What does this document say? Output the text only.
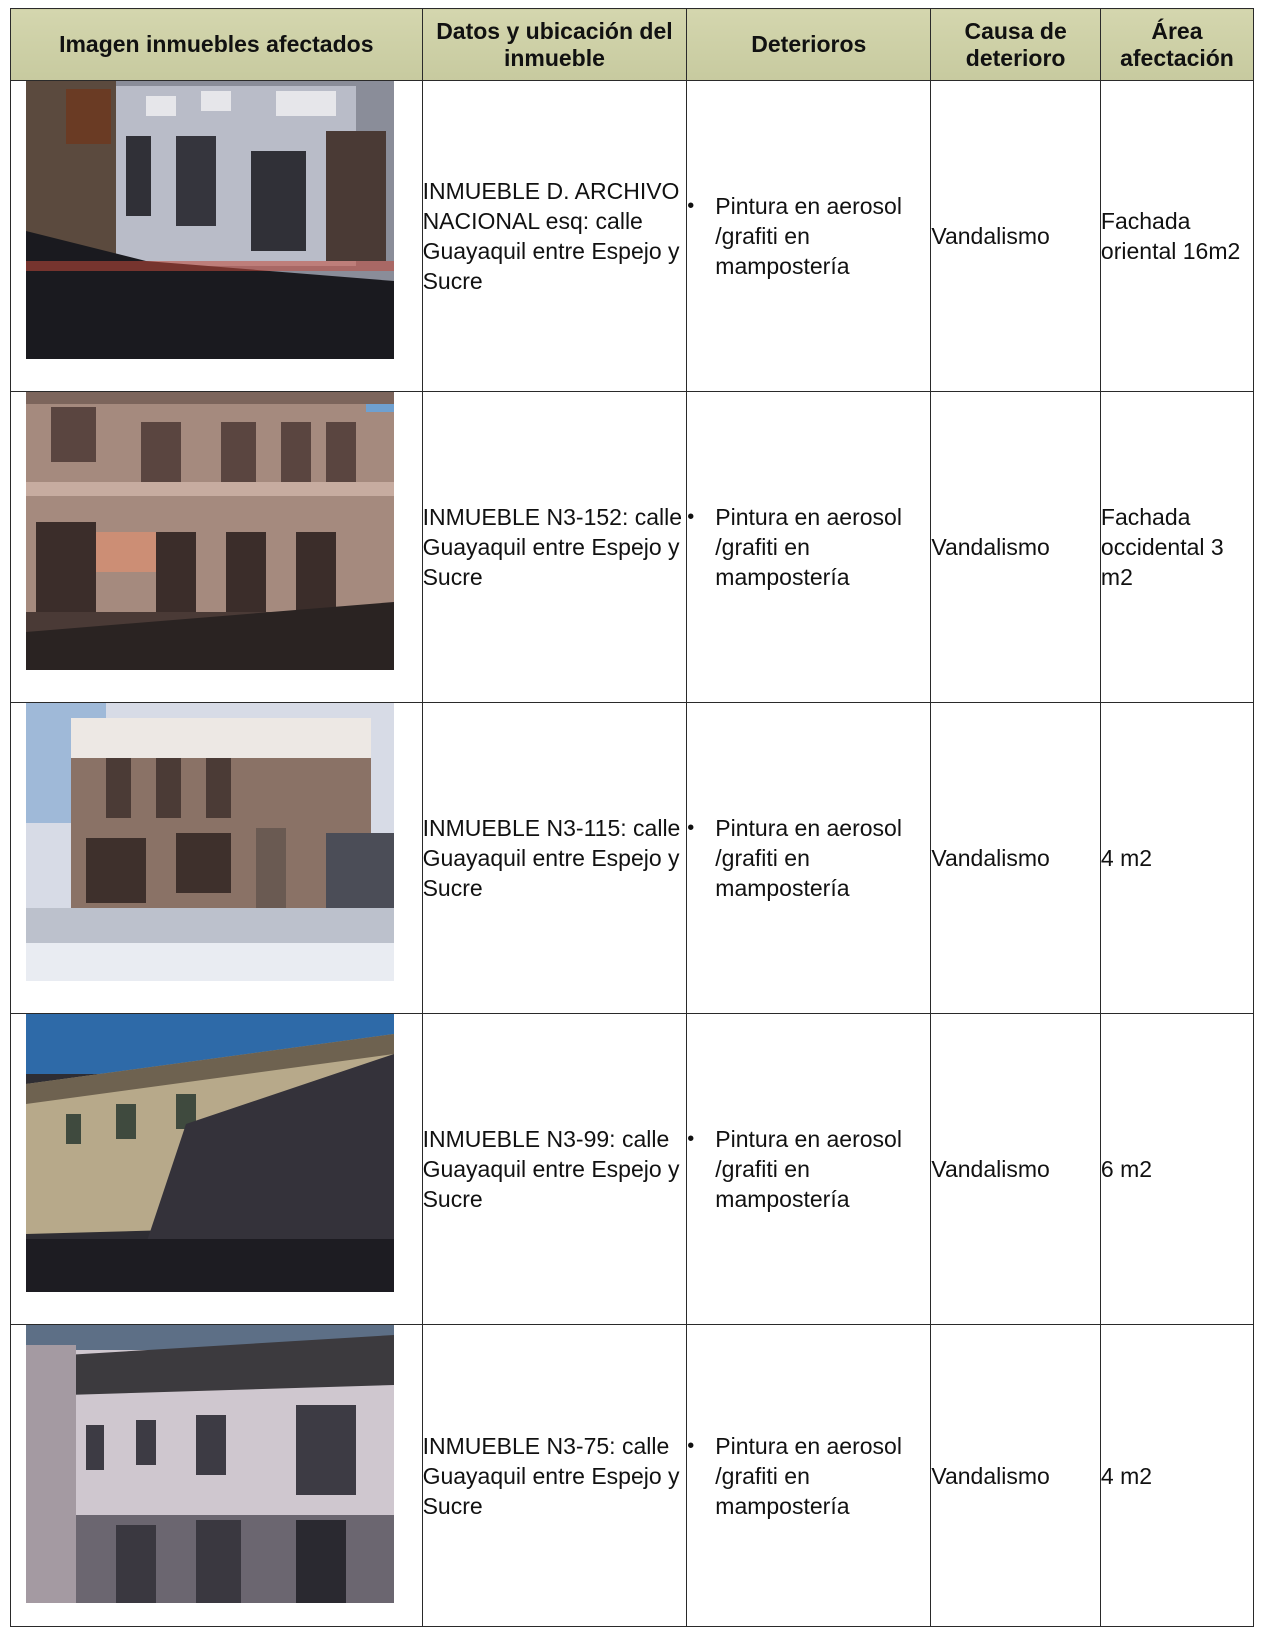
Imagen inmuebles afectados	Datos y ubicación del inmueble	Deterioros	Causa de deterioro	Área afectación

	INMUEBLE D. ARCHIVO NACIONAL esq: calle Guayaquil entre Espejo y Sucre	• Pintura en aerosol /grafiti en mampostería	Vandalismo	Fachada oriental 16m2

	INMUEBLE N3-152: calle Guayaquil entre Espejo y Sucre	• Pintura en aerosol /grafiti en mampostería	Vandalismo	Fachada occidental 3 m2

	INMUEBLE N3-115: calle Guayaquil entre Espejo y Sucre	• Pintura en aerosol /grafiti en mampostería	Vandalismo	4 m2

	INMUEBLE N3-99: calle Guayaquil entre Espejo y Sucre	• Pintura en aerosol /grafiti en mampostería	Vandalismo	6 m2

	INMUEBLE N3-75: calle Guayaquil entre Espejo y Sucre	• Pintura en aerosol /grafiti en mampostería	Vandalismo	4 m2
